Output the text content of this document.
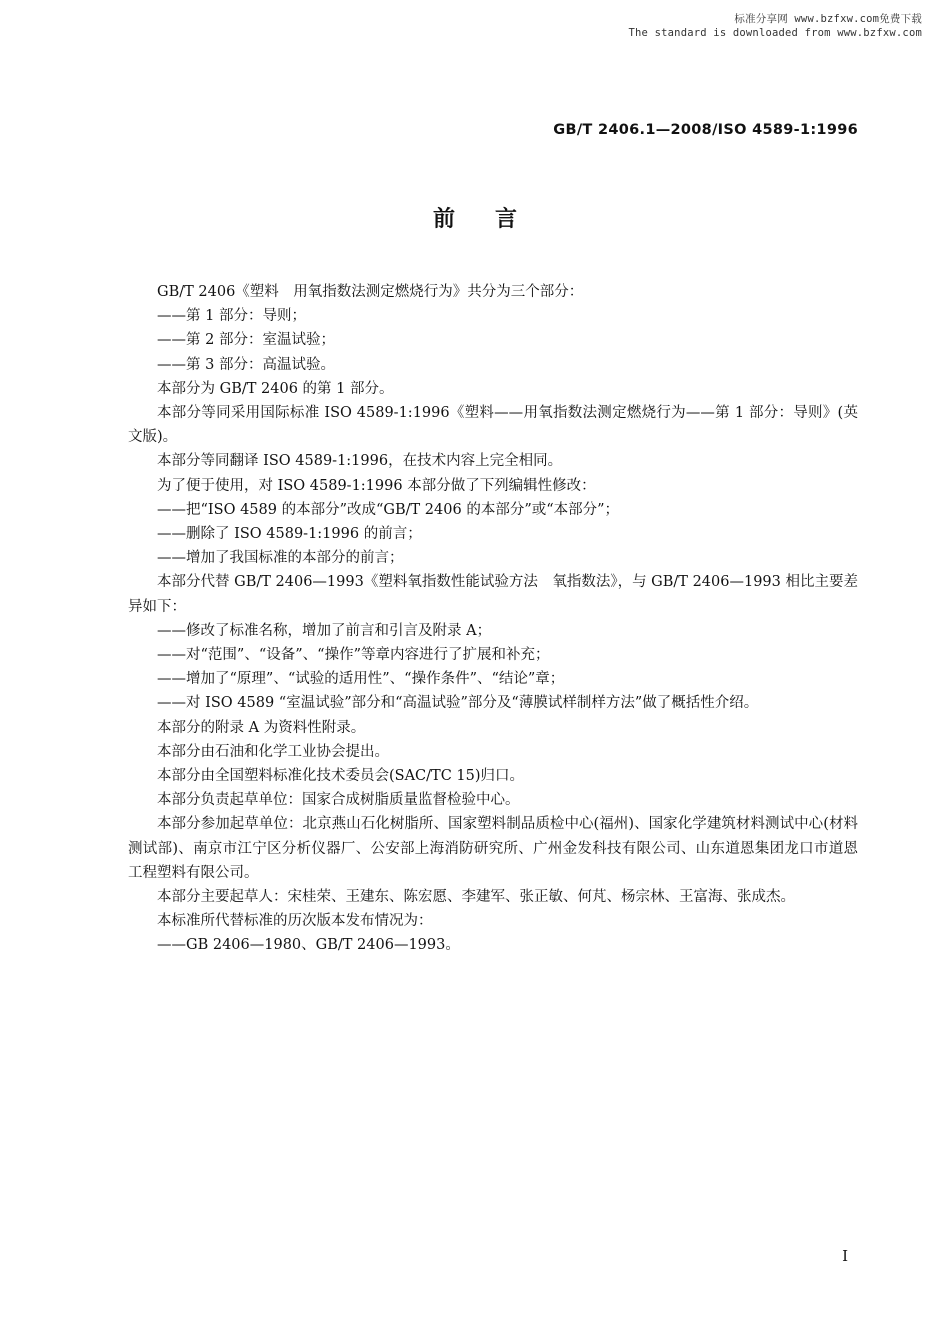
标准分享网 www.bzfxw.com免费下载
The standard is downloaded from www.bzfxw.com
GB/T 2406.1—2008/ISO 4589-1:1996
前言

GB/T 2406《塑料　用氧指数法测定燃烧行为》共分为三个部分：

——第 1 部分：导则；

——第 2 部分：室温试验；

——第 3 部分：高温试验。

本部分为 GB/T 2406 的第 1 部分。

本部分等同采用国际标准 ISO 4589-1:1996《塑料——用氧指数法测定燃烧行为——第 1 部分：导则》(英文版)。

本部分等同翻译 ISO 4589-1:1996，在技术内容上完全相同。

为了便于使用，对 ISO 4589-1:1996 本部分做了下列编辑性修改：

——把“ISO 4589 的本部分”改成“GB/T 2406 的本部分”或“本部分”；

——删除了 ISO 4589-1:1996 的前言；

——增加了我国标准的本部分的前言；

本部分代替 GB/T 2406—1993《塑料氧指数性能试验方法　氧指数法》，与 GB/T 2406—1993 相比主要差异如下：

——修改了标准名称，增加了前言和引言及附录 A；

——对“范围”、“设备”、“操作”等章内容进行了扩展和补充；

——增加了“原理”、“试验的适用性”、“操作条件”、“结论”章；

——对 ISO 4589 “室温试验”部分和“高温试验”部分及“薄膜试样制样方法”做了概括性介绍。

本部分的附录 A 为资料性附录。

本部分由石油和化学工业协会提出。

本部分由全国塑料标准化技术委员会(SAC/TC 15)归口。

本部分负责起草单位：国家合成树脂质量监督检验中心。

本部分参加起草单位：北京燕山石化树脂所、国家塑料制品质检中心(福州)、国家化学建筑材料测试中心(材料测试部)、南京市江宁区分析仪器厂、公安部上海消防研究所、广州金发科技有限公司、山东道恩集团龙口市道恩工程塑料有限公司。

本部分主要起草人：宋桂荣、王建东、陈宏愿、李建军、张正敏、何芃、杨宗林、王富海、张成杰。

本标准所代替标准的历次版本发布情况为：

——GB 2406—1980、GB/T 2406—1993。

I
